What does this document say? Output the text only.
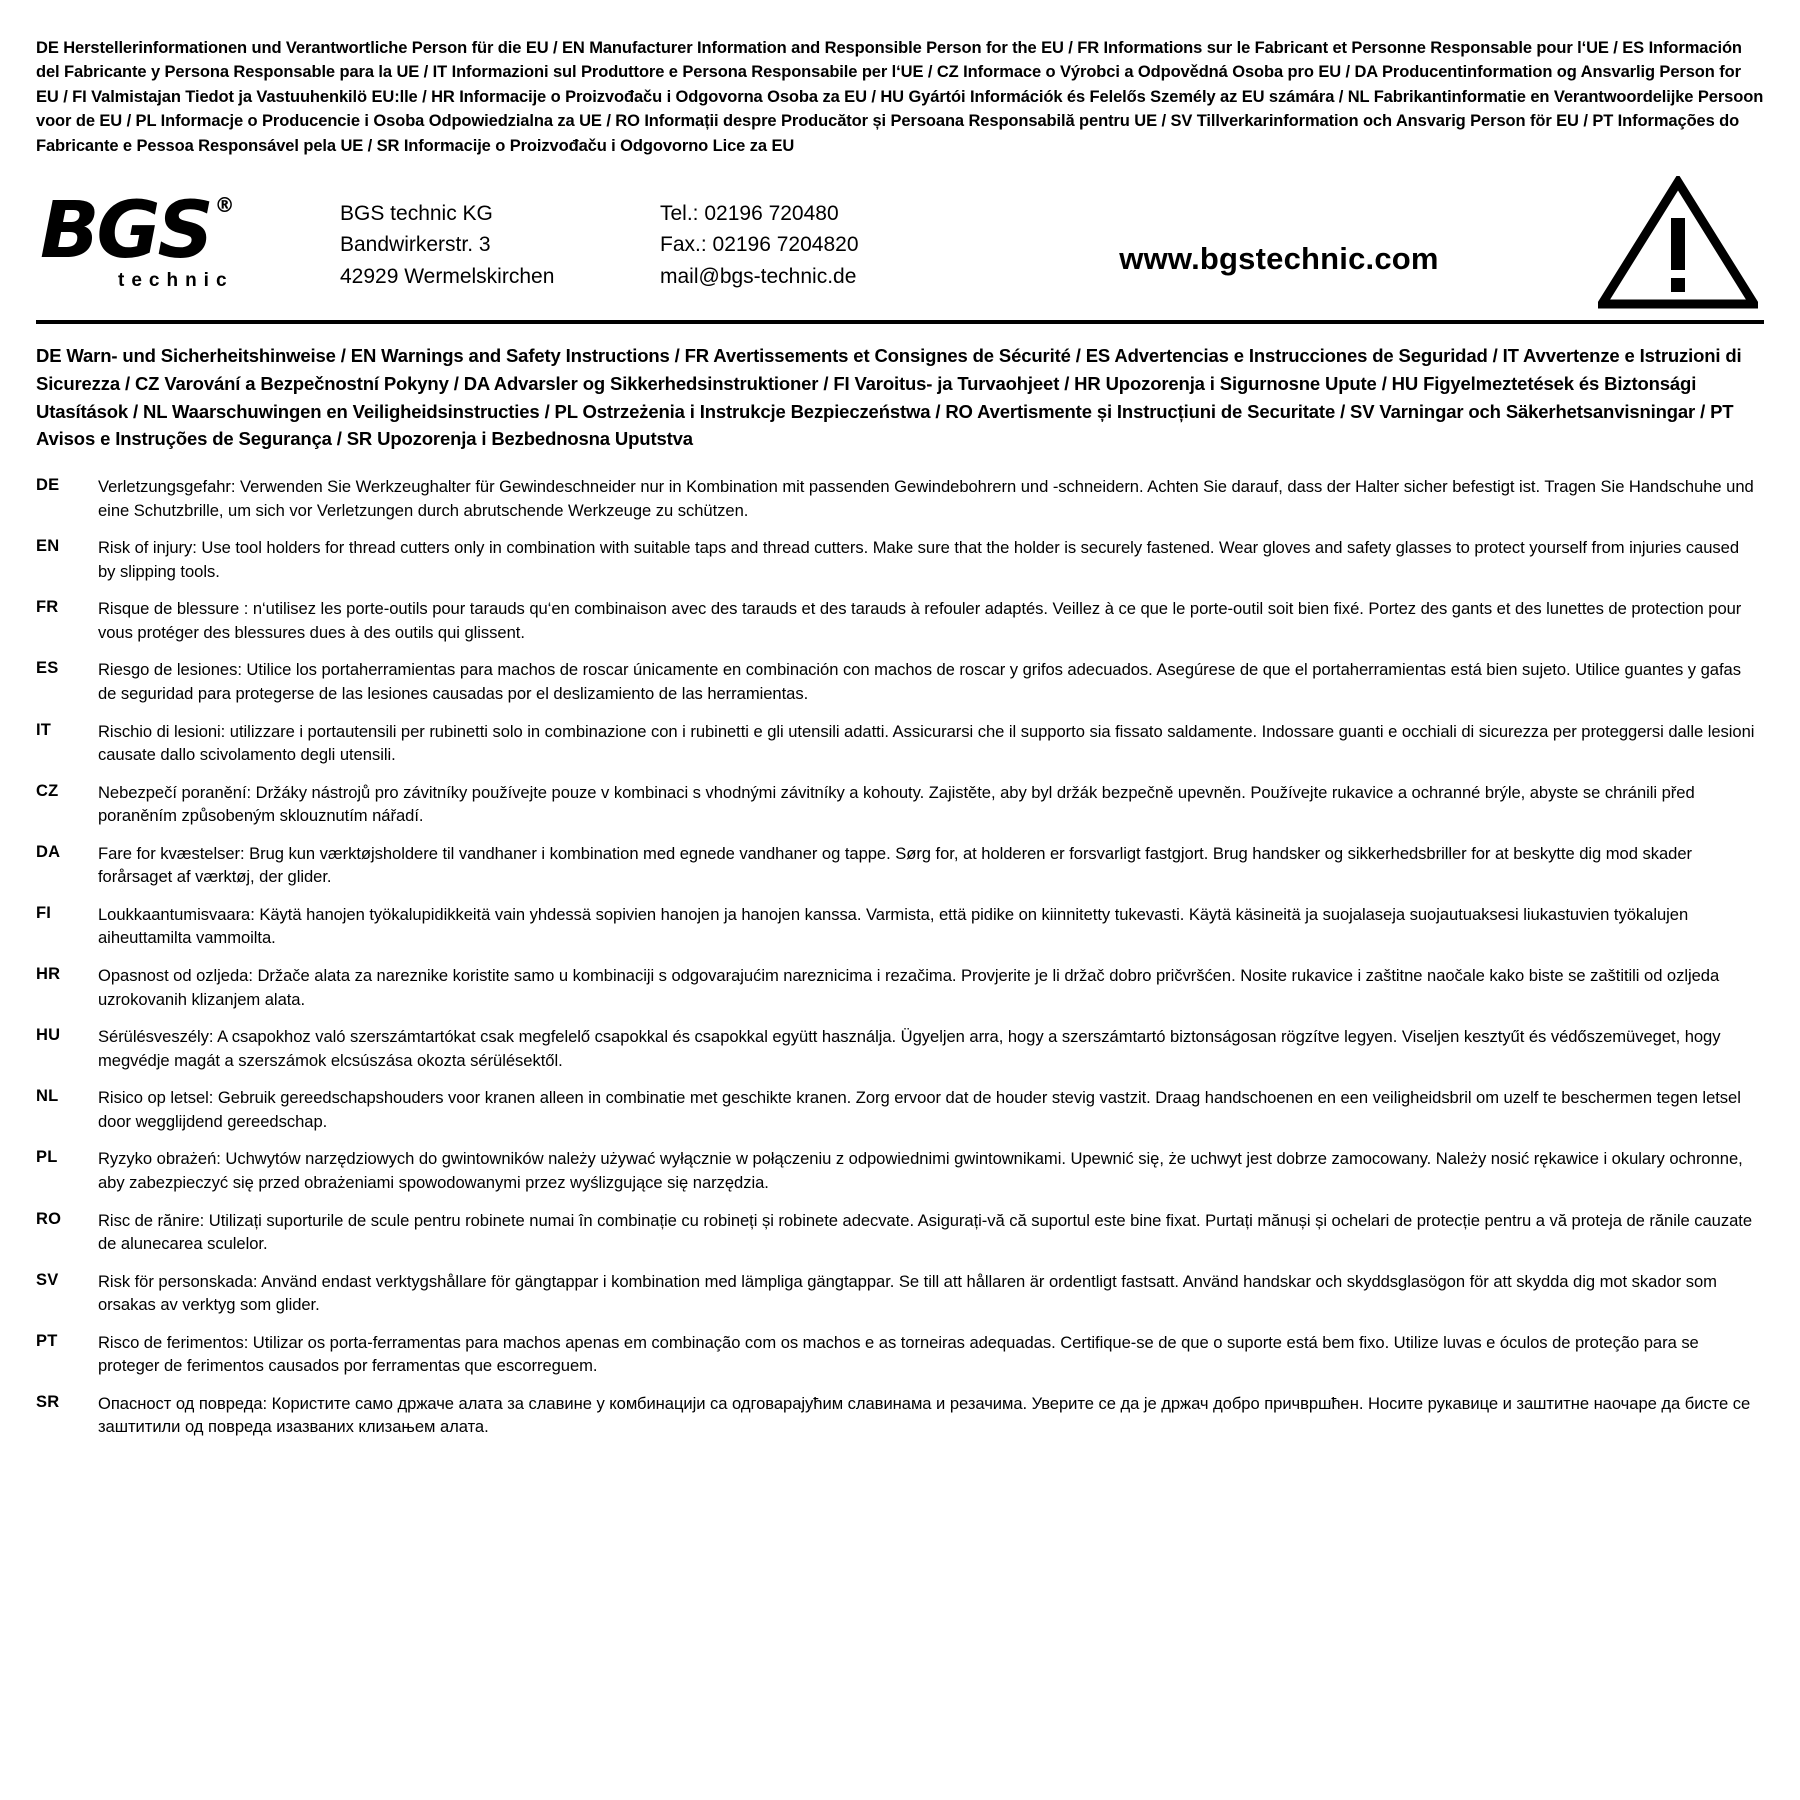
DE Herstellerinformationen und Verantwortliche Person für die EU / EN Manufacturer Information and Responsible Person for the EU / FR Informations sur le Fabricant et Personne Responsable pour l‘UE / ES Información del Fabricante y Persona Responsable para la UE / IT Informazioni sul Produttore e Persona Responsabile per l‘UE / CZ Informace o Výrobci a Odpovědná Osoba pro EU / DA Producentinformation og Ansvarlig Person for EU / FI Valmistajan Tiedot ja Vastuuhenkilö EU:lle / HR Informacije o Proizvođaču i Odgovorna Osoba za EU / HU Gyártói Információk és Felelős Személy az EU számára / NL Fabrikantinformatie en Verantwoordelijke Persoon voor de EU / PL Informacje o Producencie i Osoba Odpowiedzialna za UE / RO Informații despre Producător și Persoana Responsabilă pentru UE / SV Tillverkarinformation och Ansvarig Person för EU / PT Informações do Fabricante e Pessoa Responsável pela UE / SR Informacije o Proizvođaču i Odgovorno Lice za EU
BGS ®
technic
BGS technic KG
Bandwirkerstr. 3
42929 Wermelskirchen
Tel.: 02196 720480
Fax.: 02196 7204820
mail@bgs-technic.de
www.bgstechnic.com
DE Warn- und Sicherheitshinweise / EN Warnings and Safety Instructions / FR Avertissements et Consignes de Sécurité / ES Advertencias e Instrucciones de Seguridad / IT Avvertenze e Istruzioni di Sicurezza / CZ Varování a Bezpečnostní Pokyny / DA Advarsler og Sikkerhedsinstruktioner / FI Varoitus- ja Turvaohjeet / HR Upozorenja i Sigurnosne Upute / HU Figyelmeztetések és Biztonsági Utasítások / NL Waarschuwingen en Veiligheidsinstructies / PL Ostrzeżenia i Instrukcje Bezpieczeństwa / RO Avertismente și Instrucțiuni de Securitate / SV Varningar och Säkerhetsanvisningar / PT Avisos e Instruções de Segurança / SR Upozorenja i Bezbednosna Uputstva
DE	Verletzungsgefahr: Verwenden Sie Werkzeughalter für Gewindeschneider nur in Kombination mit passenden Gewindebohrern und -schneidern. Achten Sie darauf, dass der Halter sicher befestigt ist. Tragen Sie Handschuhe und eine Schutzbrille, um sich vor Verletzungen durch abrutschende Werkzeuge zu schützen.
EN	Risk of injury: Use tool holders for thread cutters only in combination with suitable taps and thread cutters. Make sure that the holder is securely fastened. Wear gloves and safety glasses to protect yourself from injuries caused by slipping tools.
FR	Risque de blessure : n‘utilisez les porte-outils pour tarauds qu‘en combinaison avec des tarauds et des tarauds à refouler adaptés. Veillez à ce que le porte-outil soit bien fixé. Portez des gants et des lunettes de protection pour vous protéger des blessures dues à des outils qui glissent.
ES	Riesgo de lesiones: Utilice los portaherramientas para machos de roscar únicamente en combinación con machos de roscar y grifos adecuados. Asegúrese de que el portaherramientas está bien sujeto. Utilice guantes y gafas de seguridad para protegerse de las lesiones causadas por el deslizamiento de las herramientas.
IT	Rischio di lesioni: utilizzare i portautensili per rubinetti solo in combinazione con i rubinetti e gli utensili adatti. Assicurarsi che il supporto sia fissato saldamente. Indossare guanti e occhiali di sicurezza per proteggersi dalle lesioni causate dallo scivolamento degli utensili.
CZ	Nebezpečí poranění: Držáky nástrojů pro závitníky používejte pouze v kombinaci s vhodnými závitníky a kohouty. Zajistěte, aby byl držák bezpečně upevněn. Používejte rukavice a ochranné brýle, abyste se chránili před poraněním způsobeným sklouznutím nářadí.
DA	Fare for kvæstelser: Brug kun værktøjsholdere til vandhaner i kombination med egnede vandhaner og tappe. Sørg for, at holderen er forsvarligt fastgjort. Brug handsker og sikkerhedsbriller for at beskytte dig mod skader forårsaget af værktøj, der glider.
FI	Loukkaantumisvaara: Käytä hanojen työkalupidikkeitä vain yhdessä sopivien hanojen ja hanojen kanssa. Varmista, että pidike on kiinnitetty tukevasti. Käytä käsineitä ja suojalaseja suojautuaksesi liukastuvien työkalujen aiheuttamilta vammoilta.
HR	Opasnost od ozljeda: Držače alata za nareznike koristite samo u kombinaciji s odgovarajućim nareznicima i rezačima. Provjerite je li držač dobro pričvršćen. Nosite rukavice i zaštitne naočale kako biste se zaštitili od ozljeda uzrokovanih klizanjem alata.
HU	Sérülésveszély: A csapokhoz való szerszámtartókat csak megfelelő csapokkal és csapokkal együtt használja. Ügyeljen arra, hogy a szerszámtartó biztonságosan rögzítve legyen. Viseljen kesztyűt és védőszemüveget, hogy megvédje magát a szerszámok elcsúszása okozta sérülésektől.
NL	Risico op letsel: Gebruik gereedschapshouders voor kranen alleen in combinatie met geschikte kranen. Zorg ervoor dat de houder stevig vastzit. Draag handschoenen en een veiligheidsbril om uzelf te beschermen tegen letsel door wegglijdend gereedschap.
PL	Ryzyko obrażeń: Uchwytów narzędziowych do gwintowników należy używać wyłącznie w połączeniu z odpowiednimi gwintownikami. Upewnić się, że uchwyt jest dobrze zamocowany. Należy nosić rękawice i okulary ochronne, aby zabezpieczyć się przed obrażeniami spowodowanymi przez wyślizgujące się narzędzia.
RO	Risc de rănire: Utilizați suporturile de scule pentru robinete numai în combinație cu robineți și robinete adecvate. Asigurați-vă că suportul este bine fixat. Purtați mănuși și ochelari de protecție pentru a vă proteja de rănile cauzate de alunecarea sculelor.
SV	Risk för personskada: Använd endast verktygshållare för gängtappar i kombination med lämpliga gängtappar. Se till att hållaren är ordentligt fastsatt. Använd handskar och skyddsglasögon för att skydda dig mot skador som orsakas av verktyg som glider.
PT	Risco de ferimentos: Utilizar os porta-ferramentas para machos apenas em combinação com os machos e as torneiras adequadas. Certifique-se de que o suporte está bem fixo. Utilize luvas e óculos de proteção para se proteger de ferimentos causados por ferramentas que escorreguem.
SR	Опасност од повреда: Користите само држаче алата за славине у комбинацији са одговарајућим славинама и резачима. Уверите се да је држач добро причвршћен. Носите рукавице и заштитне наочаре да бисте се заштитили од повреда изазваних клизањем алата.
